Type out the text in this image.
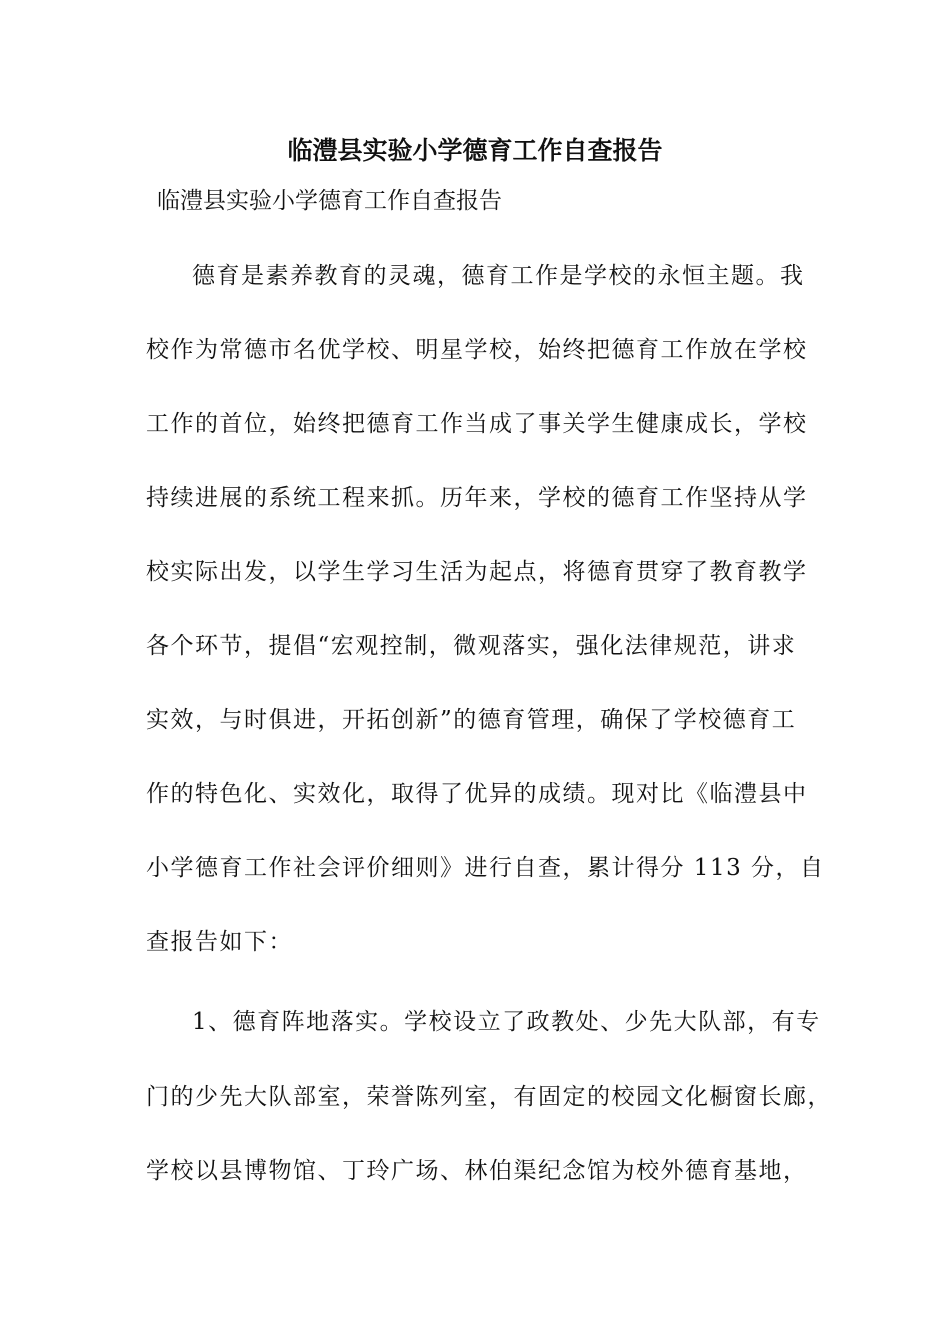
临澧县实验小学德育工作自查报告
临澧县实验小学德育工作自查报告
德育是素养教育的灵魂，德育工作是学校的永恒主题。我
校作为常德市名优学校、明星学校，始终把德育工作放在学校
工作的首位，始终把德育工作当成了事关学生健康成长，学校
持续进展的系统工程来抓。历年来，学校的德育工作坚持从学
校实际出发，以学生学习生活为起点，将德育贯穿了教育教学
各个环节，提倡“宏观控制，微观落实，强化法律规范，讲求
实效，与时俱进，开拓创新”的德育管理，确保了学校德育工
作的特色化、实效化，取得了优异的成绩。现对比《临澧县中
小学德育工作社会评价细则》进行自查，累计得分 113 分，自
查报告如下：
1、德育阵地落实。学校设立了政教处、少先大队部，有专
门的少先大队部室，荣誉陈列室，有固定的校园文化橱窗长廊，
学校以县博物馆、丁玲广场、林伯渠纪念馆为校外德育基地，
